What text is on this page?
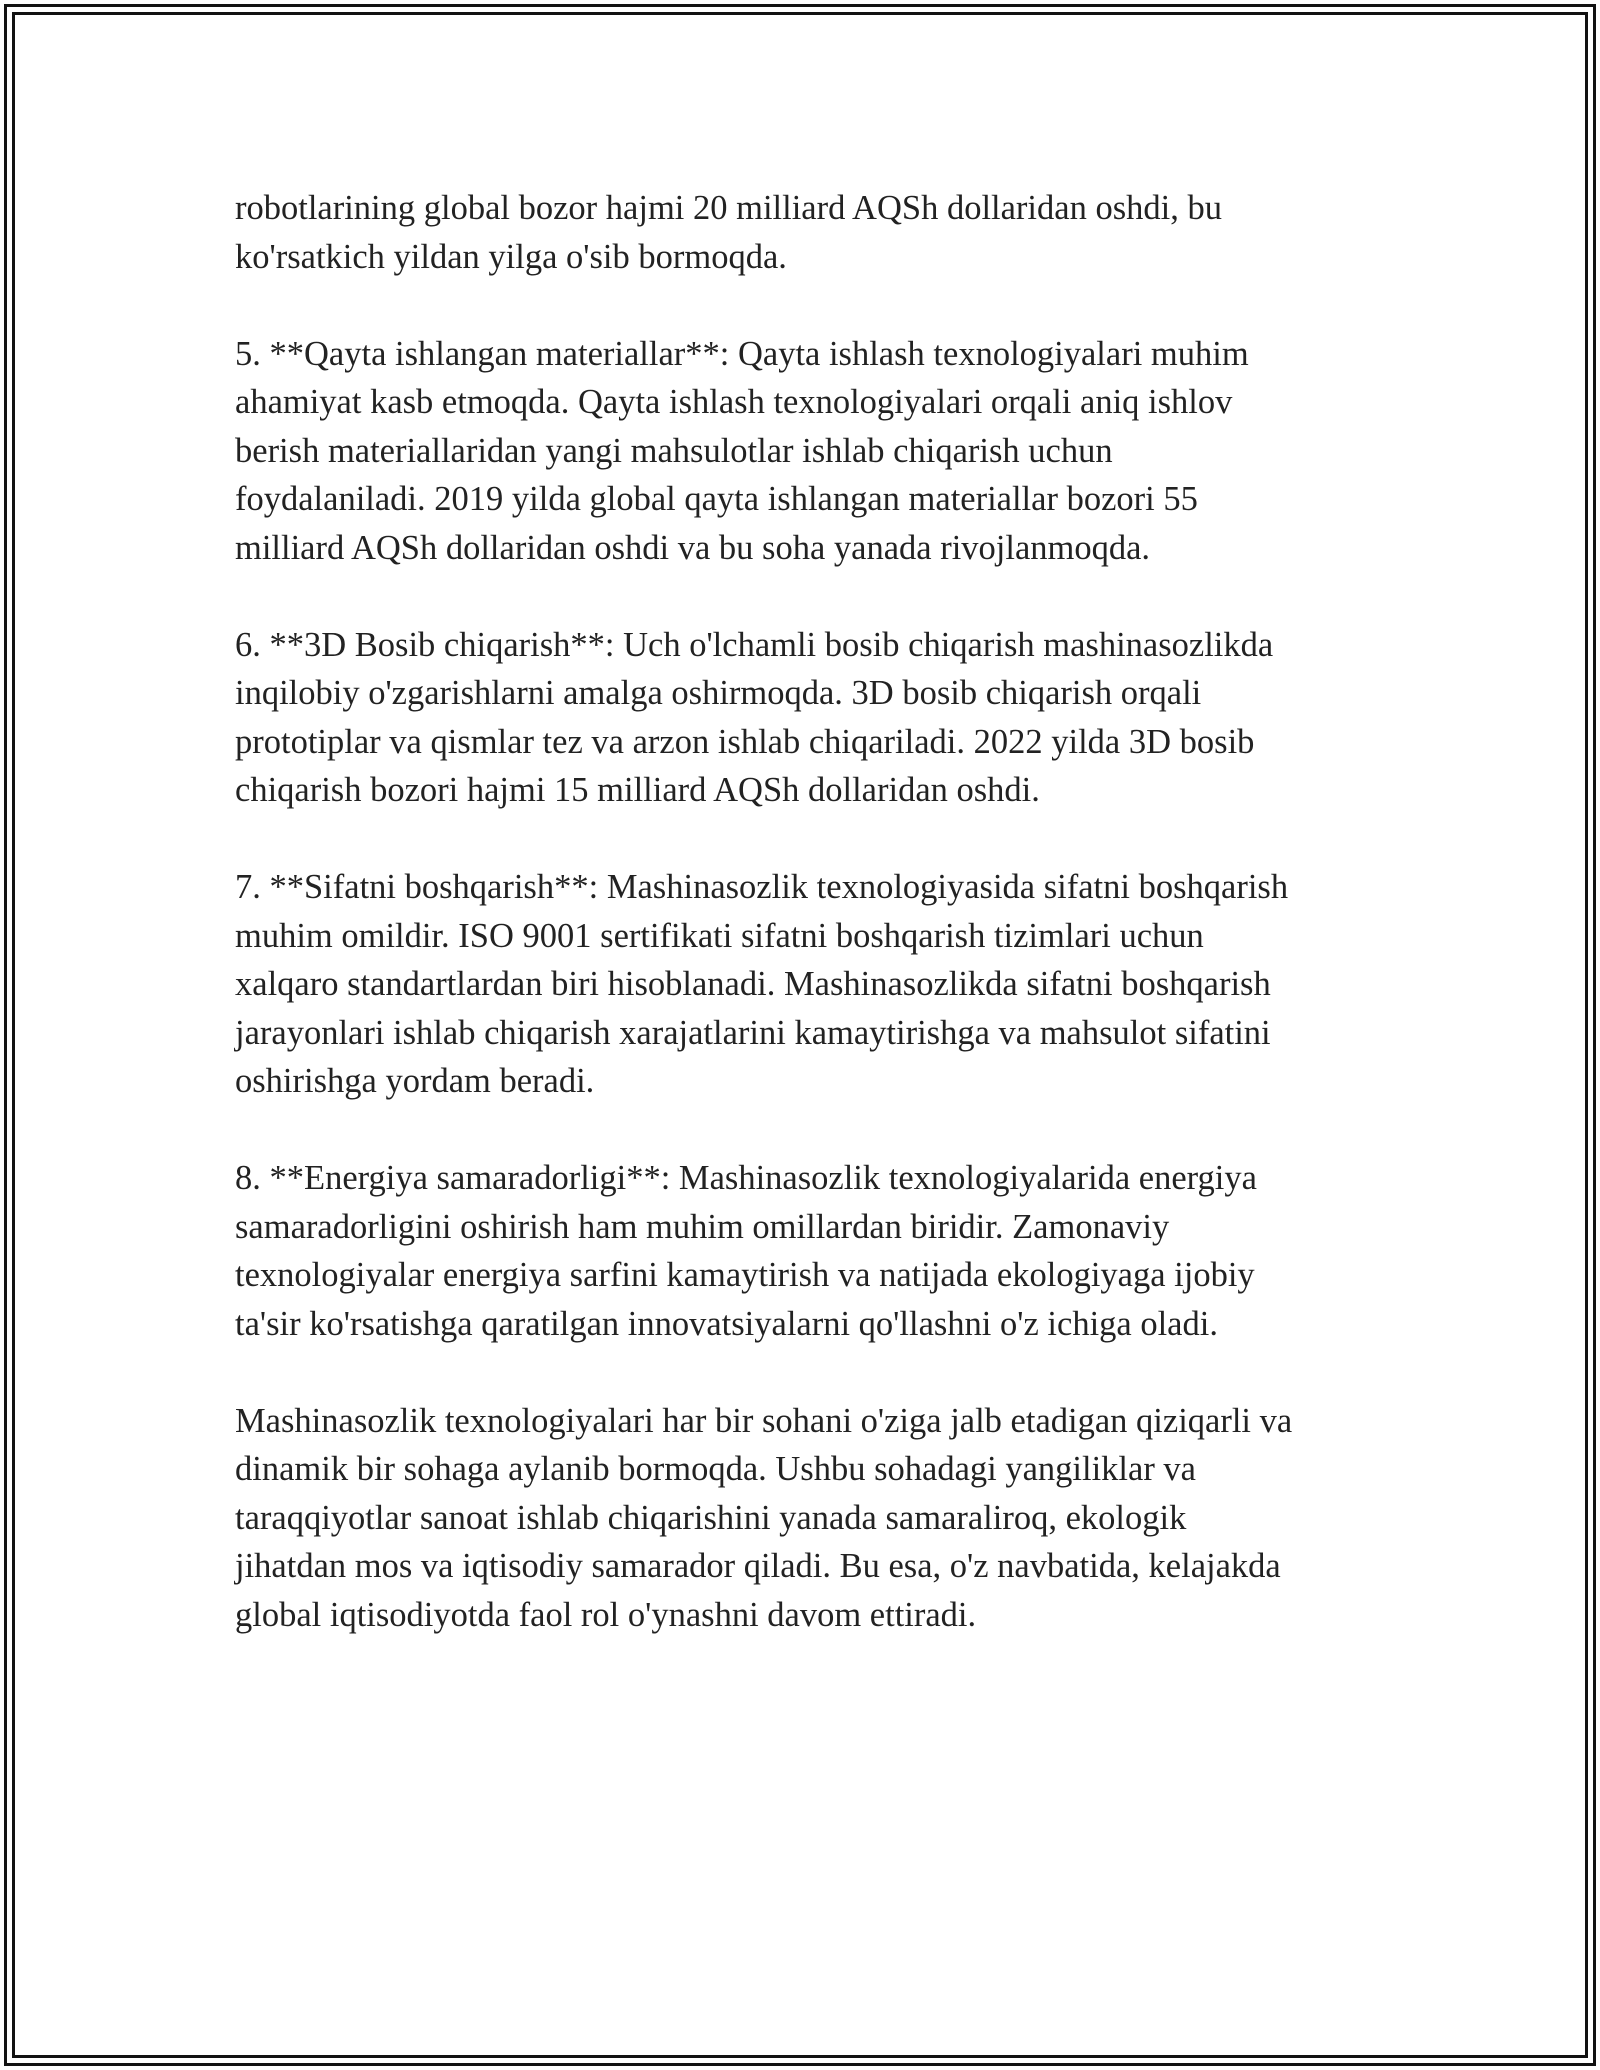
robotlarining global bozor hajmi 20 milliard AQSh dollaridan oshdi, bu
ko'rsatkich yildan yilga o'sib bormoqda.

5. **Qayta ishlangan materiallar**: Qayta ishlash texnologiyalari muhim
ahamiyat kasb etmoqda. Qayta ishlash texnologiyalari orqali aniq ishlov
berish materiallaridan yangi mahsulotlar ishlab chiqarish uchun
foydalaniladi. 2019 yilda global qayta ishlangan materiallar bozori 55
milliard AQSh dollaridan oshdi va bu soha yanada rivojlanmoqda.

6. **3D Bosib chiqarish**: Uch o'lchamli bosib chiqarish mashinasozlikda
inqilobiy o'zgarishlarni amalga oshirmoqda. 3D bosib chiqarish orqali
prototiplar va qismlar tez va arzon ishlab chiqariladi. 2022 yilda 3D bosib
chiqarish bozori hajmi 15 milliard AQSh dollaridan oshdi.

7. **Sifatni boshqarish**: Mashinasozlik texnologiyasida sifatni boshqarish
muhim omildir. ISO 9001 sertifikati sifatni boshqarish tizimlari uchun
xalqaro standartlardan biri hisoblanadi. Mashinasozlikda sifatni boshqarish
jarayonlari ishlab chiqarish xarajatlarini kamaytirishga va mahsulot sifatini
oshirishga yordam beradi.

8. **Energiya samaradorligi**: Mashinasozlik texnologiyalarida energiya
samaradorligini oshirish ham muhim omillardan biridir. Zamonaviy
texnologiyalar energiya sarfini kamaytirish va natijada ekologiyaga ijobiy
ta'sir ko'rsatishga qaratilgan innovatsiyalarni qo'llashni o'z ichiga oladi.

Mashinasozlik texnologiyalari har bir sohani o'ziga jalb etadigan qiziqarli va
dinamik bir sohaga aylanib bormoqda. Ushbu sohadagi yangiliklar va
taraqqiyotlar sanoat ishlab chiqarishini yanada samaraliroq, ekologik
jihatdan mos va iqtisodiy samarador qiladi. Bu esa, o'z navbatida, kelajakda
global iqtisodiyotda faol rol o'ynashni davom ettiradi.
